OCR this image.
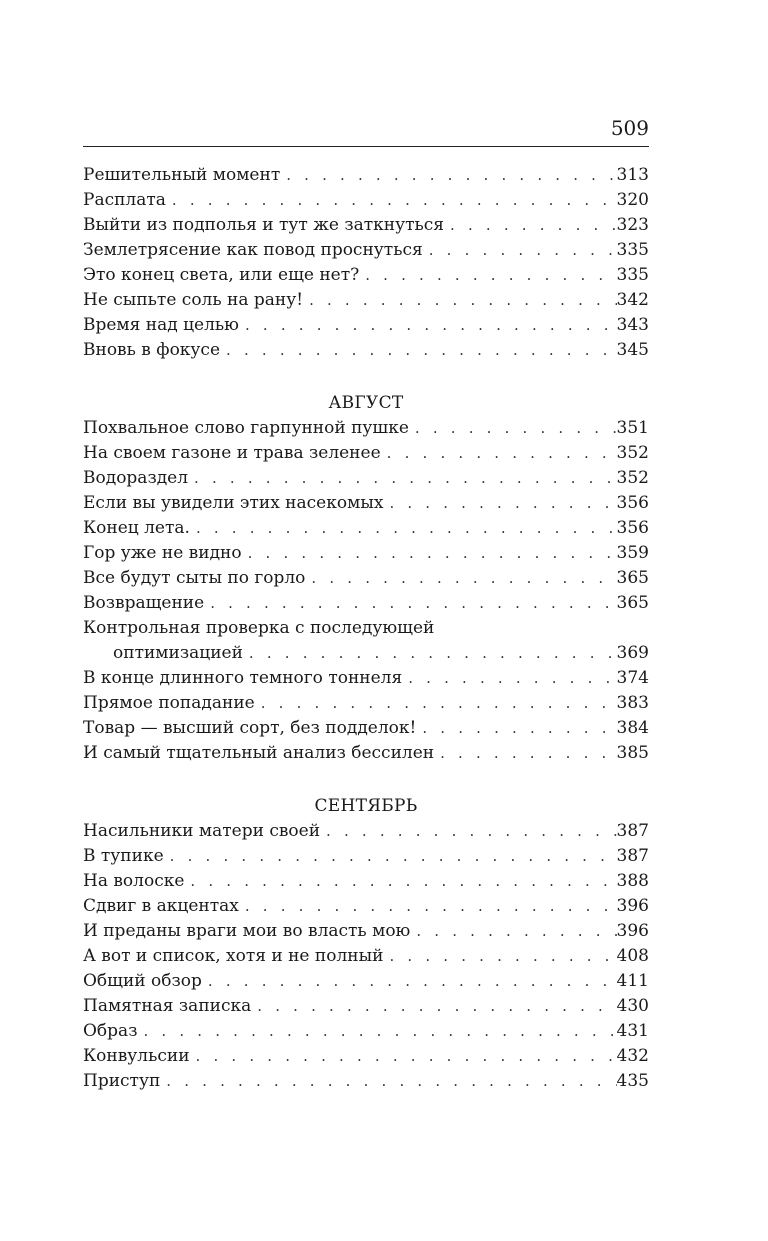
509
Решительный момент . . .	313
Расплата . . .	320
Выйти из подполья и тут же заткнуться . . .	323
Землетрясение как повод проснуться . . .	335
Это конец света, или еще нет? . . .	335
Не сыпьте соль на рану! . . .	342
Время над целью . . .	343
Вновь в фокусе . . .	345
АВГУСТ
Похвальное слово гарпунной пушке . . .	351
На своем газоне и трава зеленее . . .	352
Водораздел . . .	352
Если вы увидели этих насекомых . . .	356
Конец лета. . . .	356
Гор уже не видно . . .	359
Все будут сыты по горло . . .	365
Возвращение . . .	365
Контрольная проверка с последующей
оптимизацией . . .	369
В конце длинного темного тоннеля . . .	374
Прямое попадание . . .	383
Товар — высший сорт, без подделок! . . .	384
И самый тщательный анализ бессилен . . .	385
СЕНТЯБРЬ
Насильники матери своей . . .	387
В тупике . . .	387
На волоске . . .	388
Сдвиг в акцентах . . .	396
И преданы враги мои во власть мою . . .	396
А вот и список, хотя и не полный . . .	408
Общий обзор . . .	411
Памятная записка . . .	430
Образ . . .	431
Конвульсии . . .	432
Приступ . . .	435
